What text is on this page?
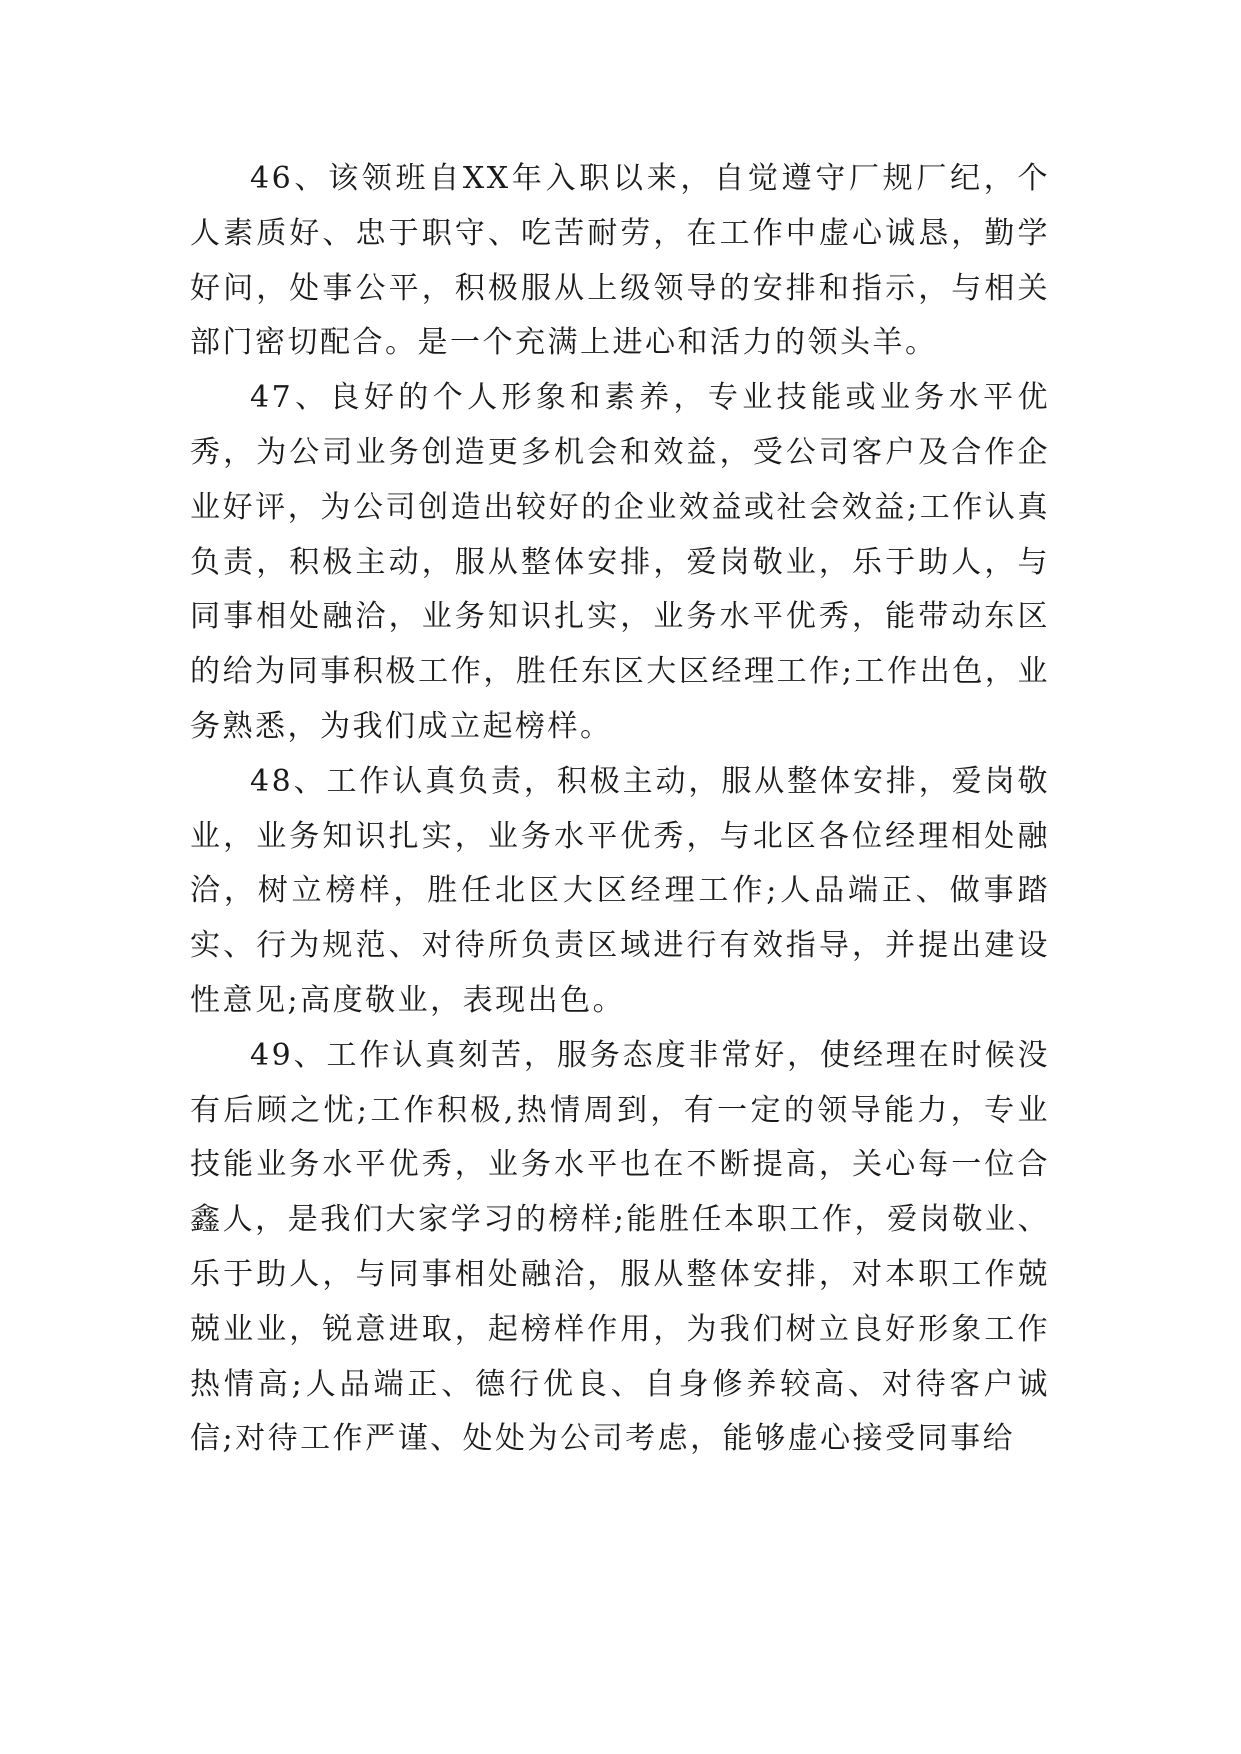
46、该领班自XX年入职以来，自觉遵守厂规厂纪，个人素质好、忠于职守、吃苦耐劳，在工作中虚心诚恳，勤学好问，处事公平，积极服从上级领导的安排和指示，与相关部门密切配合。是一个充满上进心和活力的领头羊。

47、良好的个人形象和素养，专业技能或业务水平优秀，为公司业务创造更多机会和效益，受公司客户及合作企业好评，为公司创造出较好的企业效益或社会效益;工作认真负责，积极主动，服从整体安排，爱岗敬业，乐于助人，与同事相处融洽，业务知识扎实，业务水平优秀，能带动东区的给为同事积极工作，胜任东区大区经理工作;工作出色，业务熟悉，为我们成立起榜样。

48、工作认真负责，积极主动，服从整体安排，爱岗敬业，业务知识扎实，业务水平优秀，与北区各位经理相处融洽，树立榜样，胜任北区大区经理工作;人品端正、做事踏实、行为规范、对待所负责区域进行有效指导，并提出建设性意见;高度敬业，表现出色。

49、工作认真刻苦，服务态度非常好，使经理在时候没有后顾之忧;工作积极,热情周到，有一定的领导能力，专业技能业务水平优秀，业务水平也在不断提高，关心每一位合鑫人，是我们大家学习的榜样;能胜任本职工作，爱岗敬业、乐于助人，与同事相处融洽，服从整体安排，对本职工作兢兢业业，锐意进取，起榜样作用，为我们树立良好形象工作热情高;人品端正、德行优良、自身修养较高、对待客户诚信;对待工作严谨、处处为公司考虑，能够虚心接受同事给
